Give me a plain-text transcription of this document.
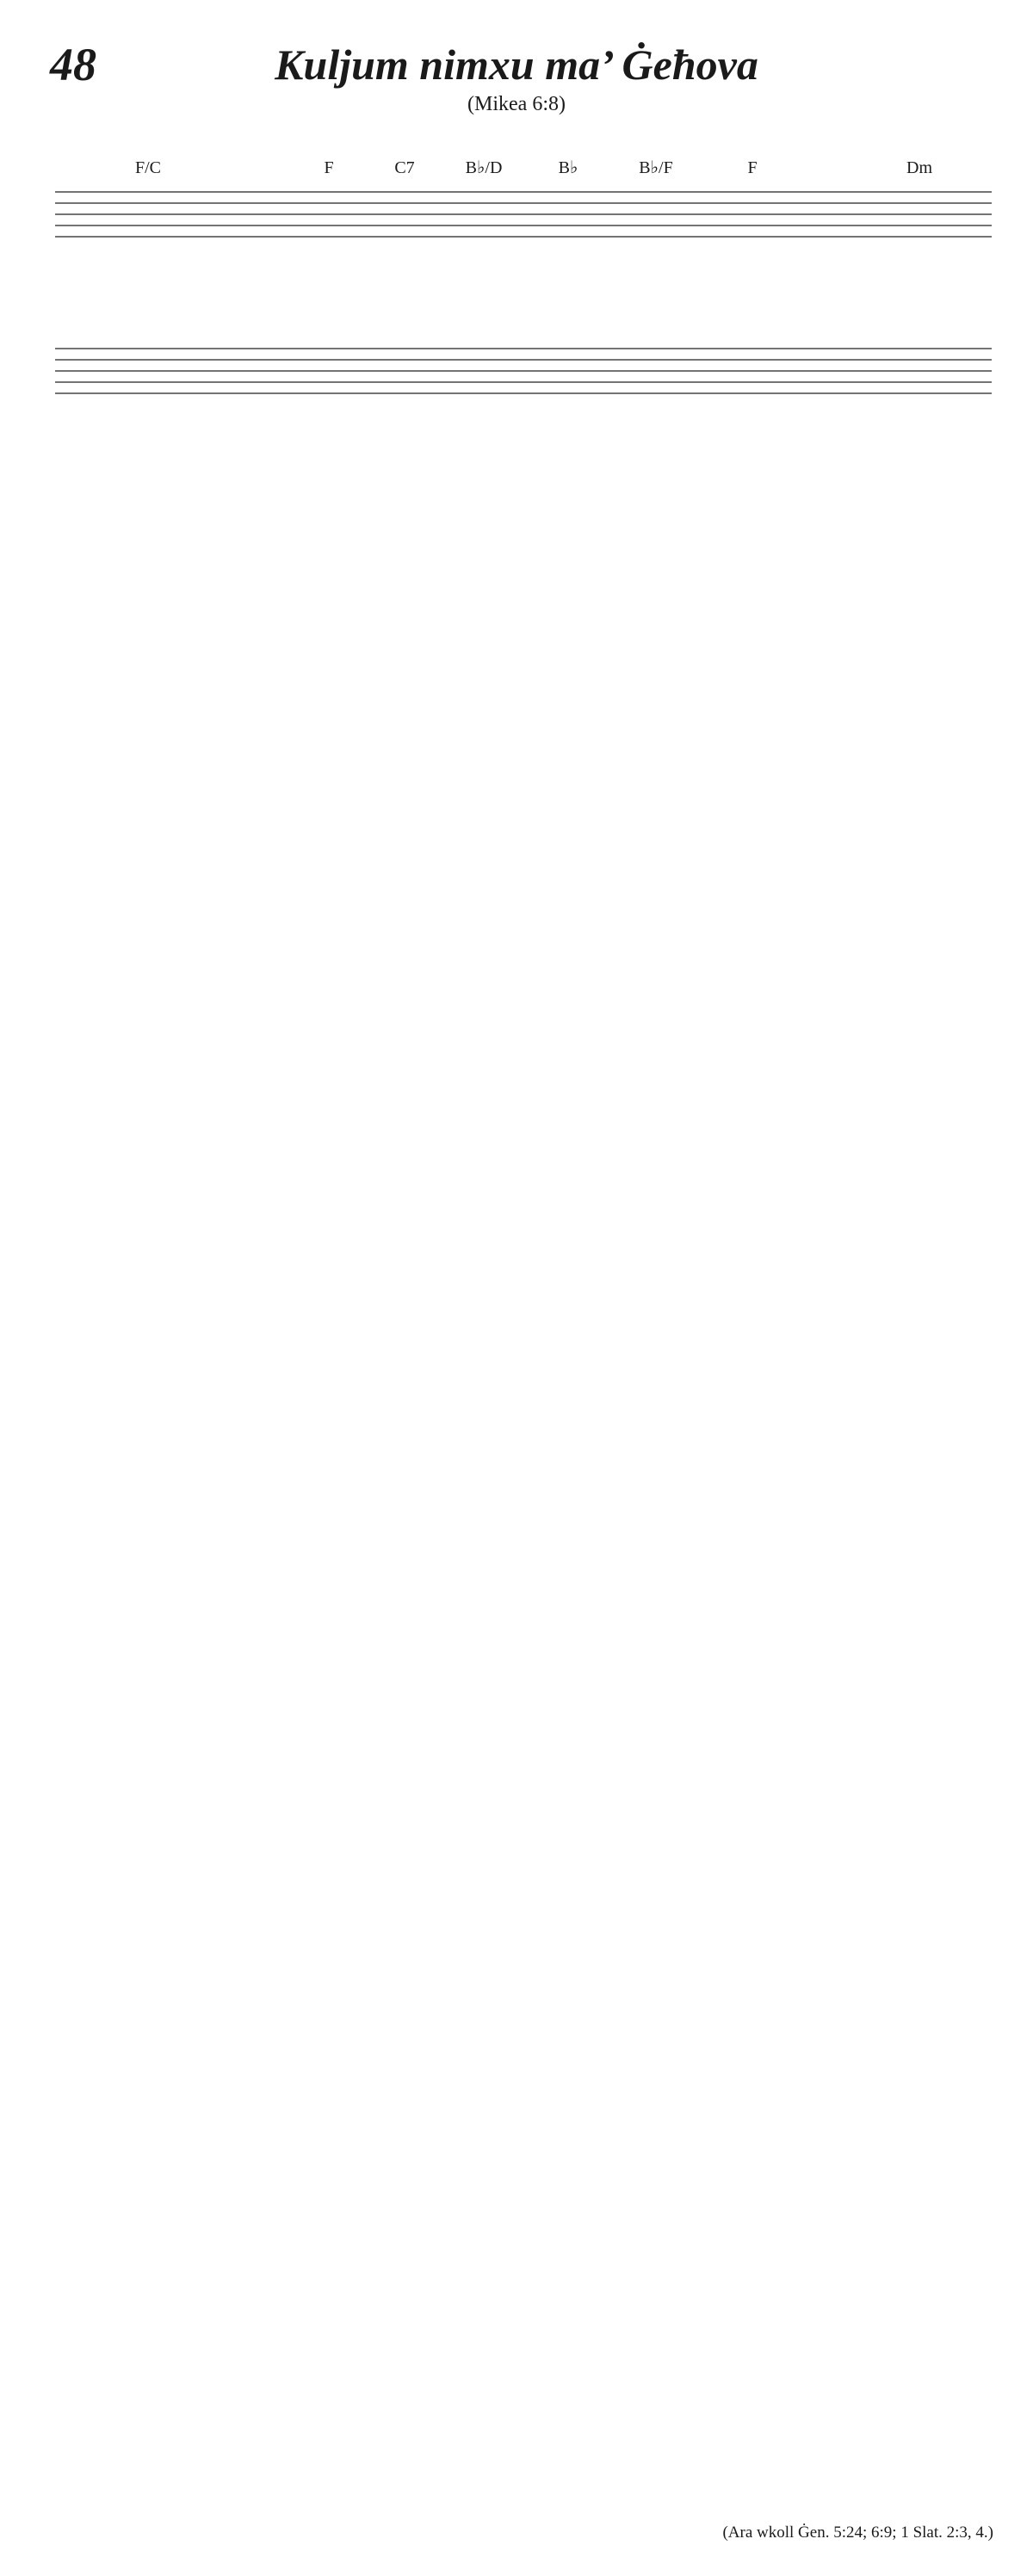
48	Kuljum nimxu ma’ Ġeħova
(Mikea 6:8)
F/C	F	C7	B♭/D	B♭	B♭/F	F	Dm
(Ara wkoll Ġen. 5:24; 6:9; 1 Slat. 2:3, 4.)
